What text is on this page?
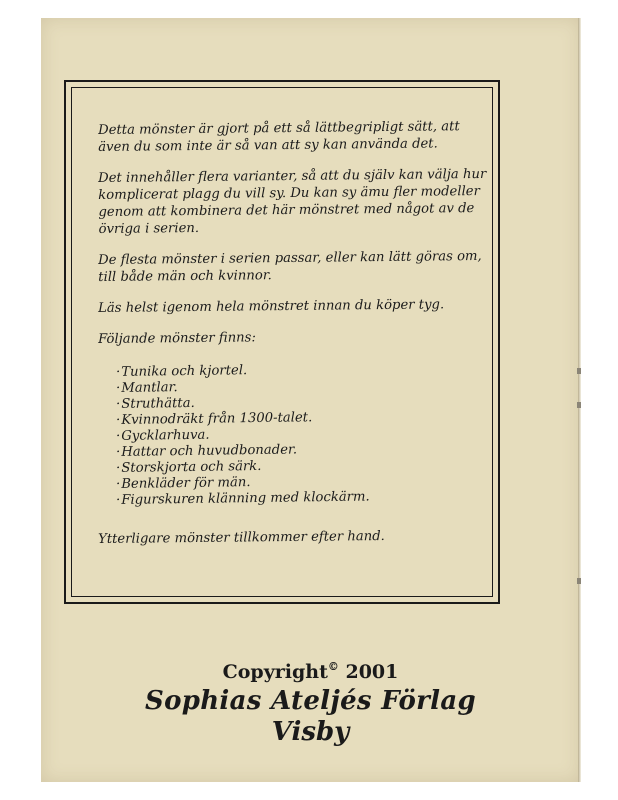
Detta mönster är gjort på ett så lättbegripligt sätt, att även du som inte är så van att sy kan använda det.

Det innehåller flera varianter, så att du själv kan välja hur komplicerat plagg du vill sy. Du kan sy ämu fler modeller genom att kombinera det här mönstret med något av de övriga i serien.

De flesta mönster i serien passar, eller kan lätt göras om, till både män och kvinnor.

Läs helst igenom hela mönstret innan du köper tyg.

Följande mönster finns:

· Tunika och kjortel.
· Mantlar.
· Struthätta.
· Kvinnodräkt från 1300-talet.
· Gycklarhuva.
· Hattar och huvudbonader.
· Storskjorta och särk.
· Benkläder för män.
· Figurskuren klänning med klockärm.

Ytterligare mönster tillkommer efter hand.

Copyright© 2001
Sophias Ateljés Förlag
Visby
